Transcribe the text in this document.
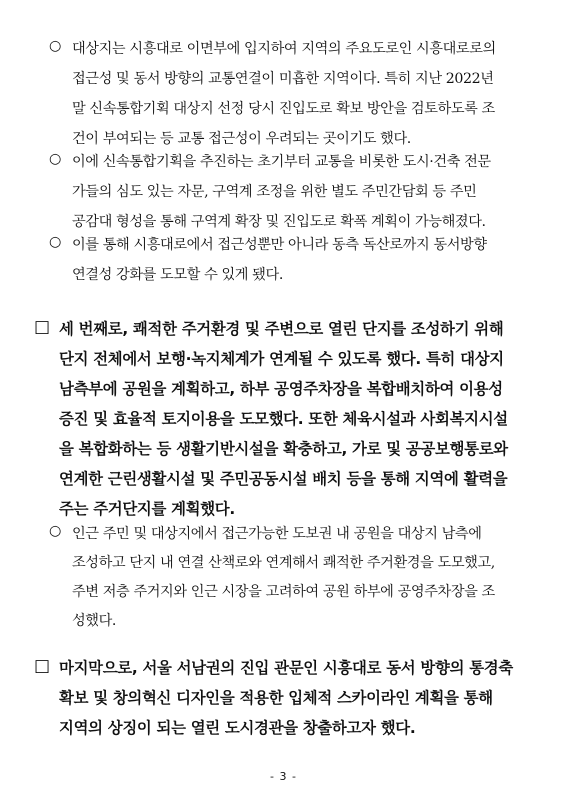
○ 대상지는 시흥대로 이면부에 입지하여 지역의 주요도로인 시흥대로로의
접근성 및 동서 방향의 교통연결이 미흡한 지역이다. 특히 지난 2022년
말 신속통합기획 대상지 선정 당시 진입도로 확보 방안을 검토하도록 조
건이 부여되는 등 교통 접근성이 우려되는 곳이기도 했다.
○ 이에 신속통합기획을 추진하는 초기부터 교통을 비롯한 도시·건축 전문
가들의 심도 있는 자문, 구역계 조정을 위한 별도 주민간담회 등 주민
공감대 형성을 통해 구역계 확장 및 진입도로 확폭 계획이 가능해졌다.
○ 이를 통해 시흥대로에서 접근성뿐만 아니라 동측 독산로까지 동서방향
연결성 강화를 도모할 수 있게 됐다.
□ 세 번째로, 쾌적한 주거환경 및 주변으로 열린 단지를 조성하기 위해
단지 전체에서 보행·녹지체계가 연계될 수 있도록 했다. 특히 대상지
남측부에 공원을 계획하고, 하부 공영주차장을 복합배치하여 이용성
증진 및 효율적 토지이용을 도모했다. 또한 체육시설과 사회복지시설
을 복합화하는 등 생활기반시설을 확충하고, 가로 및 공공보행통로와
연계한 근린생활시설 및 주민공동시설 배치 등을 통해 지역에 활력을
주는 주거단지를 계획했다.
○ 인근 주민 및 대상지에서 접근가능한 도보권 내 공원을 대상지 남측에
조성하고 단지 내 연결 산책로와 연계해서 쾌적한 주거환경을 도모했고,
주변 저층 주거지와 인근 시장을 고려하여 공원 하부에 공영주차장을 조
성했다.
□ 마지막으로, 서울 서남권의 진입 관문인 시흥대로 동서 방향의 통경축
확보 및 창의혁신 디자인을 적용한 입체적 스카이라인 계획을 통해
지역의 상징이 되는 열린 도시경관을 창출하고자 했다.
- 3 -
